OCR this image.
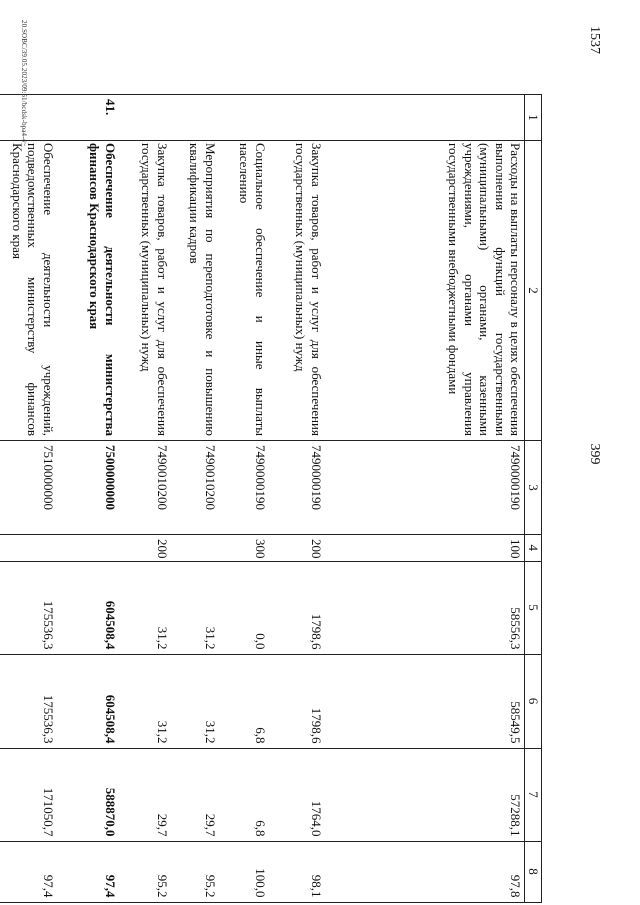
399
1537
1	2	3	4	5	6	7	8
	Расходы на выплаты персоналу в целях обеспечения выполнения функций государственными (муниципальными) органами, казенными учреждениями, органами управления государственными внебюджетными фондами	7490000190	100	58556,3	58549,5	57288,1	97,8
	Закупка товаров, работ и услуг для обеспечения государственных (муниципальных) нужд	7490000190	200	1798,6	1798,6	1764,0	98,1
	Социальное обеспечение и иные выплаты населению	7490000190	300	0,0	6,8	6,8	100,0
	Мероприятия по переподготовке и повышению квалификации кадров	7490010200		31,2	31,2	29,7	95,2
	Закупка товаров, работ и услуг для обеспечения государственных (муниципальных) нужд	7490010200	200	31,2	31,2	29,7	95,2
41.	Обеспечение деятельности министерства финансов Краснодарского края	7500000000		604508,4	604508,4	588870,0	97,4
	Обеспечение деятельности учреждений, подведомственных министерству финансов Краснодарского края	7510000000		175536,3	175536,3	171050,7	97,4
20.SOBC/39.05.2023/09:51/bcdsk-bpa4-4~
